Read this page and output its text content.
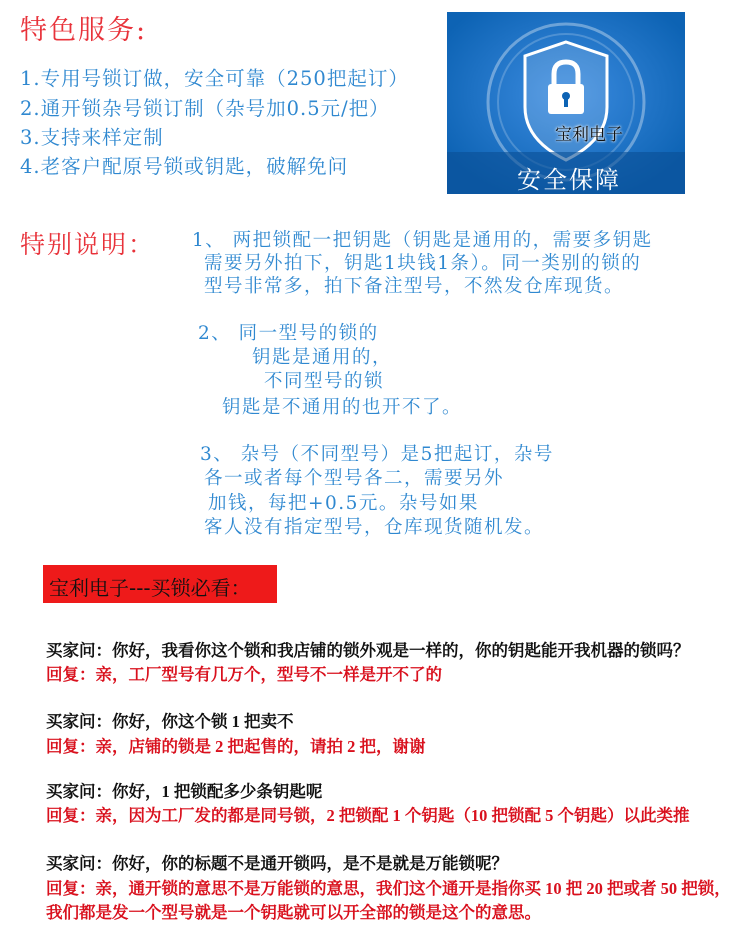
特色服务:
1.专用号锁订做，安全可靠（250把起订）
2.通开锁杂号锁订制（杂号加0.5元/把）
3.支持来样定制
4.老客户配原号锁或钥匙，破解免问
宝利电子
安全保障
特别说明： 1、 两把锁配一把钥匙（钥匙是通用的，需要多钥匙
需要另外拍下，钥匙1块钱1条）。同一类别的锁的
型号非常多，拍下备注型号，不然发仓库现货。
2、 同一型号的锁的
钥匙是通用的，
不同型号的锁
钥匙是不通用的也开不了。
3、 杂号（不同型号）是5把起订，杂号
各一或者每个型号各二，需要另外
加钱，每把+0.5元。杂号如果
客人没有指定型号，仓库现货随机发。
宝利电子---买锁必看：
买家问：你好，我看你这个锁和我店铺的锁外观是一样的，你的钥匙能开我机器的锁吗？
回复：亲，工厂型号有几万个，型号不一样是开不了的
买家问：你好，你这个锁 1 把卖不
回复：亲，店铺的锁是 2 把起售的，请拍 2 把，谢谢
买家问：你好，1 把锁配多少条钥匙呢
回复：亲，因为工厂发的都是同号锁，2 把锁配 1 个钥匙（10 把锁配 5 个钥匙）以此类推
买家问：你好，你的标题不是通开锁吗，是不是就是万能锁呢？
回复：亲，通开锁的意思不是万能锁的意思，我们这个通开是指你买 10 把 20 把或者 50 把锁，
我们都是发一个型号就是一个钥匙就可以开全部的锁是这个的意思。
